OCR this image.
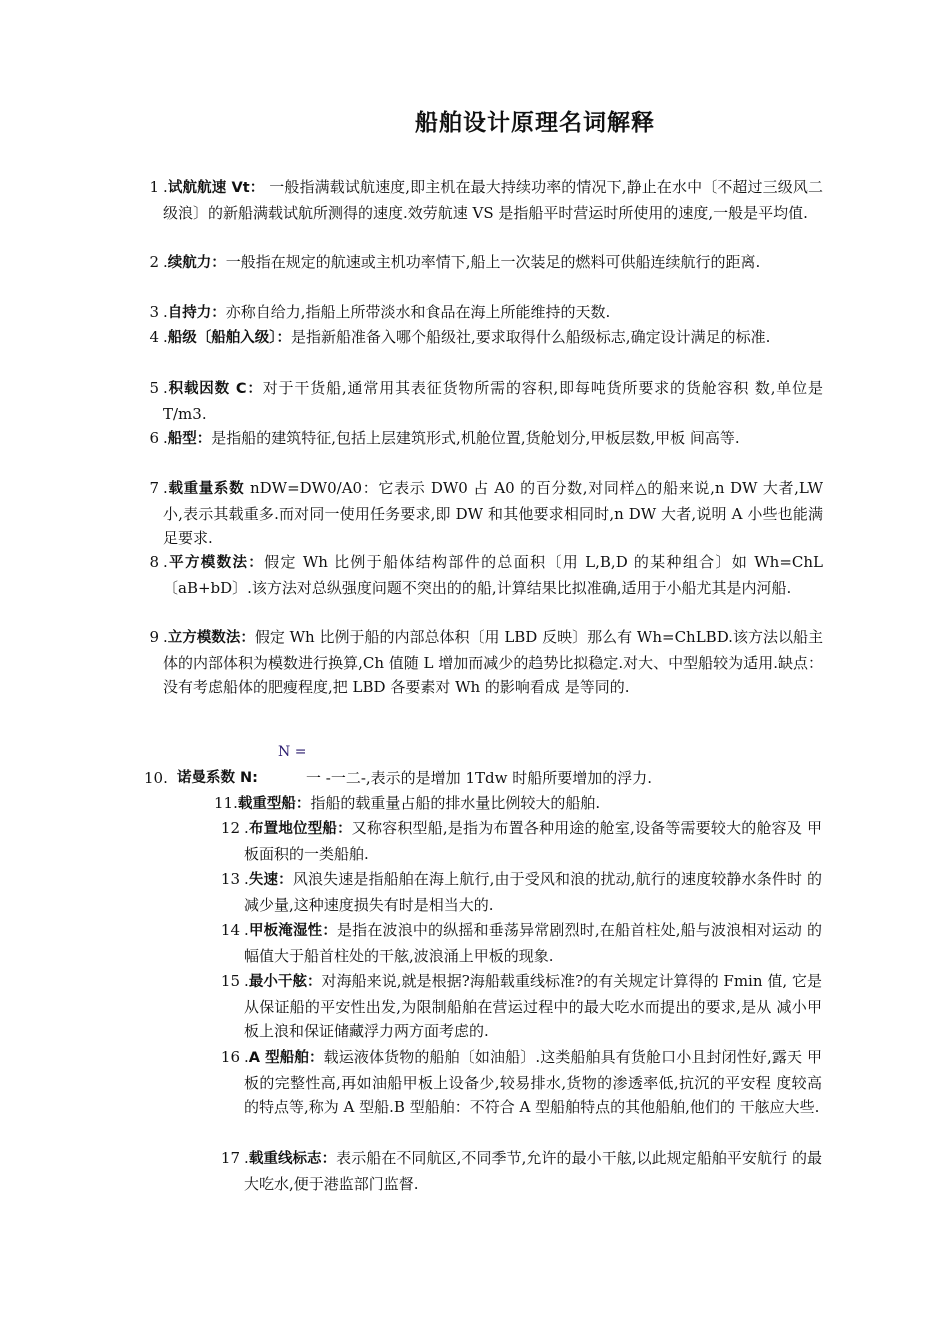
船舶设计原理名词解释
1 .试航航速 Vt： 一般指满载试航速度,即主机在最大持续功率的情况下,静止在水中〔不超过三级风二级浪〕的新船满载试航所测得的速度.效劳航速 VS 是指船平时营运时所使用的速度,一般是平均值.
2 .续航力：一般指在规定的航速或主机功率情下,船上一次装足的燃料可供船连续航行的距离.
3 .自持力：亦称自给力,指船上所带淡水和食品在海上所能维持的天数.
4 .船级〔船舶入级〕：是指新船准备入哪个船级社,要求取得什么船级标志,确定设计满足的标准.
5 .积载因数 C：对于干货船,通常用其表征货物所需的容积,即每吨货所要求的货舱容积 数,单位是 T/m3.
6 .船型：是指船的建筑特征,包括上层建筑形式,机舱位置,货舱划分,甲板层数,甲板 间高等.
7 .载重量系数 nDW=DW0/A0：它表示 DW0 占 A0 的百分数,对同样△的船来说,n DW 大者,LW 小,表示其载重多.而对同一使用任务要求,即 DW 和其他要求相同时,n DW 大者,说明 A 小些也能满足要求.
8 .平方模数法：假定 Wh 比例于船体结构部件的总面积〔用 L,B,D 的某种组合〕如 Wh=ChL〔aB+bD〕.该方法对总纵强度问题不突出的的船,计算结果比拟准确,适用于小船尤其是内河船.
9 .立方模数法：假定 Wh 比例于船的内部总体积〔用 LBD 反映〕那么有 Wh=ChLBD.该方法以船主体的内部体积为模数进行换算,Ch 值随 L 增加而减少的趋势比拟稳定.对大、中型船较为适用.缺点：没有考虑船体的肥瘦程度,把 LBD 各要素对 Wh 的影响看成 是等同的.
N =
10. 诺曼系数 N:	一 -一二-,表示的是增加 1Tdw 时船所要增加的浮力.
11.载重型船：指船的载重量占船的排水量比例较大的船舶.
12 .布置地位型船：又称容积型船,是指为布置各种用途的舱室,设备等需要较大的舱容及 甲板面积的一类船舶.
13 .失速：风浪失速是指船舶在海上航行,由于受风和浪的扰动,航行的速度较静水条件时 的减少量,这种速度损失有时是相当大的.
14 .甲板淹湿性：是指在波浪中的纵摇和垂荡异常剧烈时,在船首柱处,船与波浪相对运动 的幅值大于船首柱处的干舷,波浪涌上甲板的现象.
15 .最小干舷：对海船来说,就是根据?海船载重线标准?的有关规定计算得的 Fmin 值, 它是从保证船的平安性出发,为限制船舶在营运过程中的最大吃水而提出的要求,是从 减小甲板上浪和保证储藏浮力两方面考虑的.
16 .A 型船舶：载运液体货物的船舶〔如油船〕.这类船舶具有货舱口小且封闭性好,露天 甲板的完整性高,再如油船甲板上设备少,较易排水,货物的渗透率低,抗沉的平安程 度较高的特点等,称为 A 型船.B 型船舶：不符合 A 型船舶特点的其他船舶,他们的 干舷应大些.
17 .载重线标志：表示船在不同航区,不同季节,允许的最小干舷,以此规定船舶平安航行 的最大吃水,便于港监部门监督.
